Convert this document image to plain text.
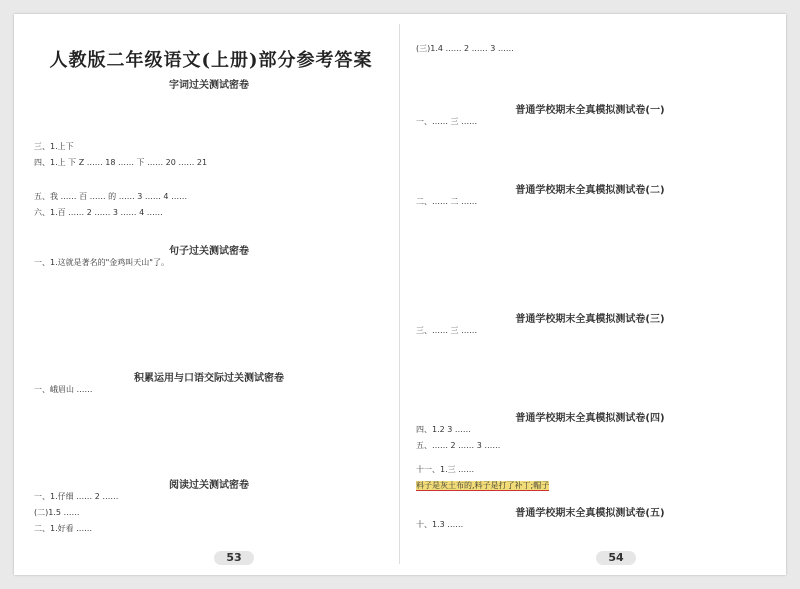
人教版二年级语文(上册)部分参考答案
字词过关测试密卷
三、1.上下
四、1.上 下 Z …… 18 …… 下 …… 20 …… 21
五、我 …… 百 …… 的 …… 3 …… 4 ……
六、1.百 …… 2 …… 3 …… 4 ……
句子过关测试密卷
一、1.这就是著名的"金鸡叫天山"了。
积累运用与口语交际过关测试密卷
一、峨眉山 ……
阅读过关测试密卷
一、1.仔细 …… 2 ……
(二)1.5 ……
二、1.好看 ……
53
(三)1.4 …… 2 …… 3 ……
普通学校期末全真模拟测试卷(一)
一、…… 三 ……
普通学校期末全真模拟测试卷(二)
二、…… 二 ……
普通学校期末全真模拟测试卷(三)
三、…… 三 ……
普通学校期末全真模拟测试卷(四)
四、1.2 3 ……
五、…… 2 …… 3 ……
十一、1.三 ……
料子是灰土布的,料子是打了补丁;帽子
普通学校期末全真模拟测试卷(五)
十、1.3 ……
54
